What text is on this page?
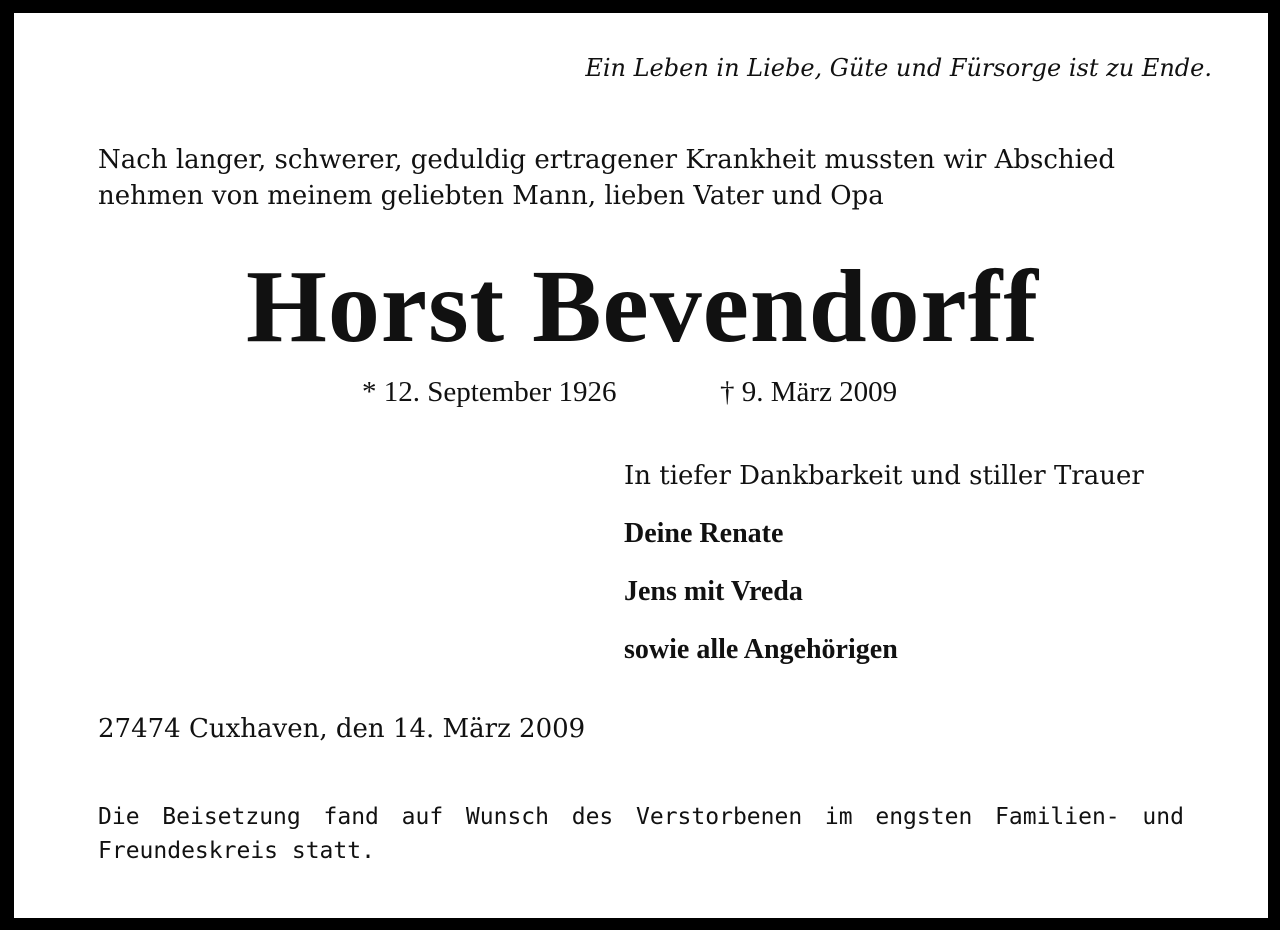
Ein Leben in Liebe, Güte und Fürsorge ist zu Ende.
Nach langer, schwerer, geduldig ertragener Krankheit mussten wir Abschied
nehmen von meinem geliebten Mann, lieben Vater und Opa
Horst Bevendorff
* 12. September 1926	† 9. März 2009
In tiefer Dankbarkeit und stiller Trauer
Deine Renate
Jens mit Vreda
sowie alle Angehörigen
27474 Cuxhaven, den 14. März 2009
Die Beisetzung fand auf Wunsch des Verstorbenen im engsten Familien- und
Freundeskreis statt.
